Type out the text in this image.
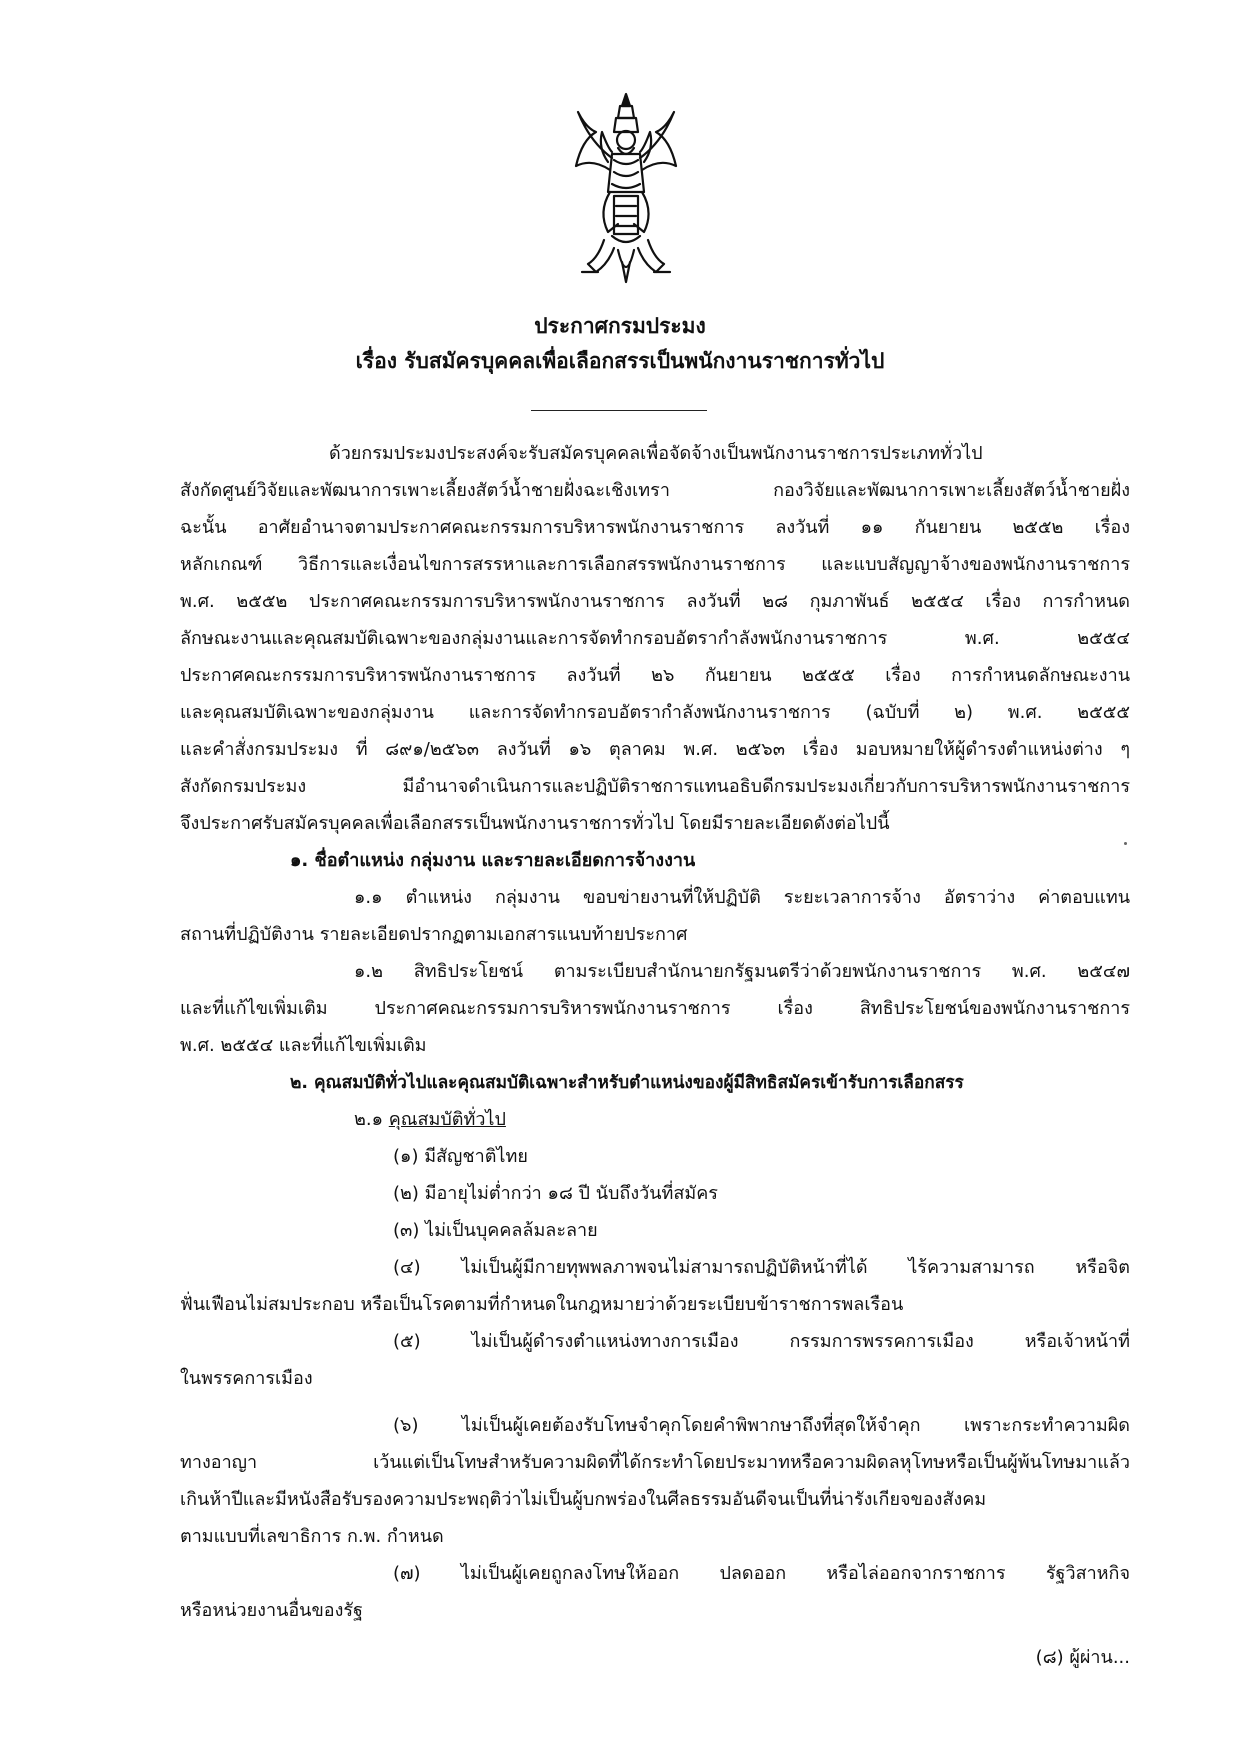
ประกาศกรมประมง
เรื่อง รับสมัครบุคคลเพื่อเลือกสรรเป็นพนักงานราชการทั่วไป
ด้วยกรมประมงประสงค์จะรับสมัครบุคคลเพื่อจัดจ้างเป็นพนักงานราชการประเภททั่วไป
สังกัดศูนย์วิจัยและพัฒนาการเพาะเลี้ยงสัตว์น้ำชายฝั่งฉะเชิงเทรา กองวิจัยและพัฒนาการเพาะเลี้ยงสัตว์น้ำชายฝั่ง
ฉะนั้น อาศัยอำนาจตามประกาศคณะกรรมการบริหารพนักงานราชการ ลงวันที่ ๑๑ กันยายน ๒๕๕๒ เรื่อง
หลักเกณฑ์ วิธีการและเงื่อนไขการสรรหาและการเลือกสรรพนักงานราชการ และแบบสัญญาจ้างของพนักงานราชการ
พ.ศ. ๒๕๕๒ ประกาศคณะกรรมการบริหารพนักงานราชการ ลงวันที่ ๒๘ กุมภาพันธ์ ๒๕๕๔ เรื่อง การกำหนด
ลักษณะงานและคุณสมบัติเฉพาะของกลุ่มงานและการจัดทำกรอบอัตรากำลังพนักงานราชการ พ.ศ. ๒๕๕๔
ประกาศคณะกรรมการบริหารพนักงานราชการ ลงวันที่ ๒๖ กันยายน ๒๕๕๕ เรื่อง การกำหนดลักษณะงาน
และคุณสมบัติเฉพาะของกลุ่มงาน และการจัดทำกรอบอัตรากำลังพนักงานราชการ (ฉบับที่ ๒) พ.ศ. ๒๕๕๕
และคำสั่งกรมประมง ที่ ๘๙๑/๒๕๖๓ ลงวันที่ ๑๖ ตุลาคม พ.ศ. ๒๕๖๓ เรื่อง มอบหมายให้ผู้ดำรงตำแหน่งต่าง ๆ
สังกัดกรมประมง มีอำนาจดำเนินการและปฏิบัติราชการแทนอธิบดีกรมประมงเกี่ยวกับการบริหารพนักงานราชการ
จึงประกาศรับสมัครบุคคลเพื่อเลือกสรรเป็นพนักงานราชการทั่วไป โดยมีรายละเอียดดังต่อไปนี้
๑. ชื่อตำแหน่ง กลุ่มงาน และรายละเอียดการจ้างงาน
๑.๑ ตำแหน่ง กลุ่มงาน ขอบข่ายงานที่ให้ปฏิบัติ ระยะเวลาการจ้าง อัตราว่าง ค่าตอบแทน
สถานที่ปฏิบัติงาน รายละเอียดปรากฏตามเอกสารแนบท้ายประกาศ
๑.๒ สิทธิประโยชน์ ตามระเบียบสำนักนายกรัฐมนตรีว่าด้วยพนักงานราชการ พ.ศ. ๒๕๔๗
และที่แก้ไขเพิ่มเติม ประกาศคณะกรรมการบริหารพนักงานราชการ เรื่อง สิทธิประโยชน์ของพนักงานราชการ
พ.ศ. ๒๕๕๔ และที่แก้ไขเพิ่มเติม
๒. คุณสมบัติทั่วไปและคุณสมบัติเฉพาะสำหรับตำแหน่งของผู้มีสิทธิสมัครเข้ารับการเลือกสรร
๒.๑ คุณสมบัติทั่วไป
(๑) มีสัญชาติไทย
(๒) มีอายุไม่ต่ำกว่า ๑๘ ปี นับถึงวันที่สมัคร
(๓) ไม่เป็นบุคคลล้มละลาย
(๔) ไม่เป็นผู้มีกายทุพพลภาพจนไม่สามารถปฏิบัติหน้าที่ได้ ไร้ความสามารถ หรือจิต
ฟั่นเฟือนไม่สมประกอบ หรือเป็นโรคตามที่กำหนดในกฎหมายว่าด้วยระเบียบข้าราชการพลเรือน
(๕) ไม่เป็นผู้ดำรงตำแหน่งทางการเมือง กรรมการพรรคการเมือง หรือเจ้าหน้าที่
ในพรรคการเมือง
(๖) ไม่เป็นผู้เคยต้องรับโทษจำคุกโดยคำพิพากษาถึงที่สุดให้จำคุก เพราะกระทำความผิด
ทางอาญา เว้นแต่เป็นโทษสำหรับความผิดที่ได้กระทำโดยประมาทหรือความผิดลหุโทษหรือเป็นผู้พ้นโทษมาแล้ว
เกินห้าปีและมีหนังสือรับรองความประพฤติว่าไม่เป็นผู้บกพร่องในศีลธรรมอันดีจนเป็นที่น่ารังเกียจของสังคม
ตามแบบที่เลขาธิการ ก.พ. กำหนด
(๗) ไม่เป็นผู้เคยถูกลงโทษให้ออก ปลดออก หรือไล่ออกจากราชการ รัฐวิสาหกิจ
หรือหน่วยงานอื่นของรัฐ
(๘) ผู้ผ่าน...
